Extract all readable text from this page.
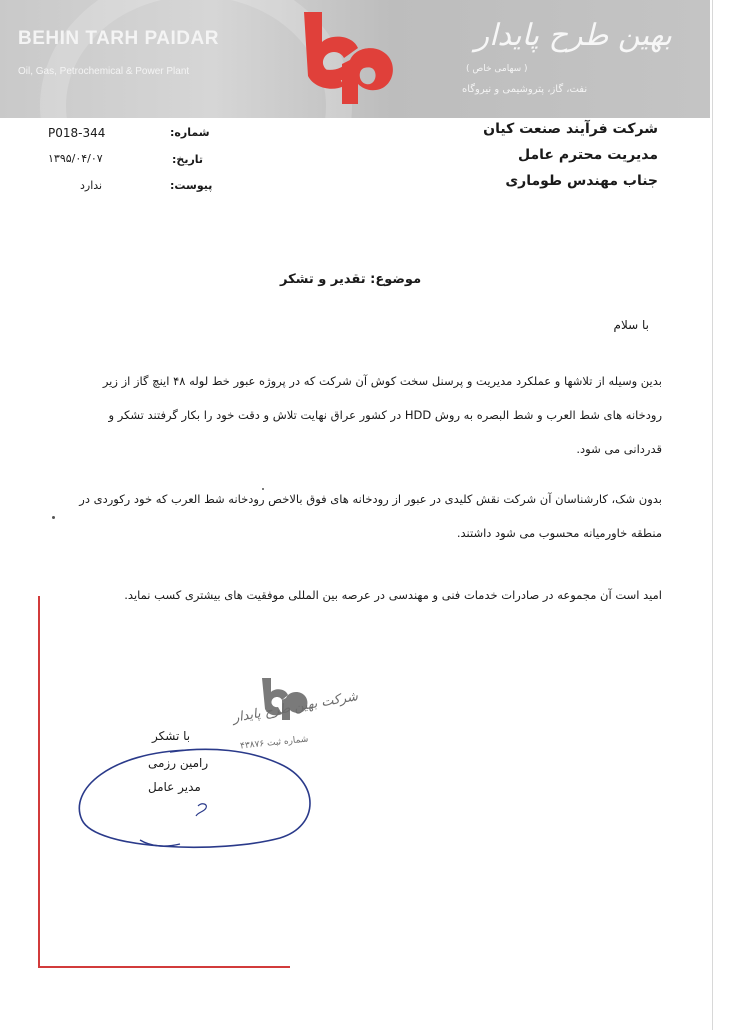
BEHIN TARH PAIDAR
Oil, Gas, Petrochemical & Power Plant
بهین طرح پایدار
( سهامی خاص )
نفت، گاز، پتروشیمی و نیروگاه
شرکت فرآیند صنعت کیان
مدیریت محترم عامل
جناب مهندس طوماری
شماره:
P018-344
تاریخ:
۱۳۹۵/۰۴/۰۷
پیوست:
ندارد
موضوع: تقدیر و تشکر
با سلام
بدین وسیله از تلاشها و عملکرد مدیریت و پرسنل سخت کوش آن شرکت که در پروژه عبور خط لوله ۴۸ اینچ گاز از زیر رودخانه های شط العرب و شط البصره به روش HDD در کشور عراق نهایت تلاش و دقت خود را بکار گرفتند تشکر و قدردانی می شود.
بدون شک، کارشناسان آن شرکت نقش کلیدی در عبور از رودخانه های فوق بالاخص رودخانه شط العرب که خود رکوردی در منطقه خاورمیانه محسوب می شود داشتند.
امید است آن مجموعه در صادرات خدمات فنی و مهندسی در عرصه بین المللی موفقیت های بیشتری کسب نماید.
شرکت بهین طرح پایدار
شماره ثبت ۴۳۸۷۶
با تشکر
رامین رزمی
مدیر عامل
